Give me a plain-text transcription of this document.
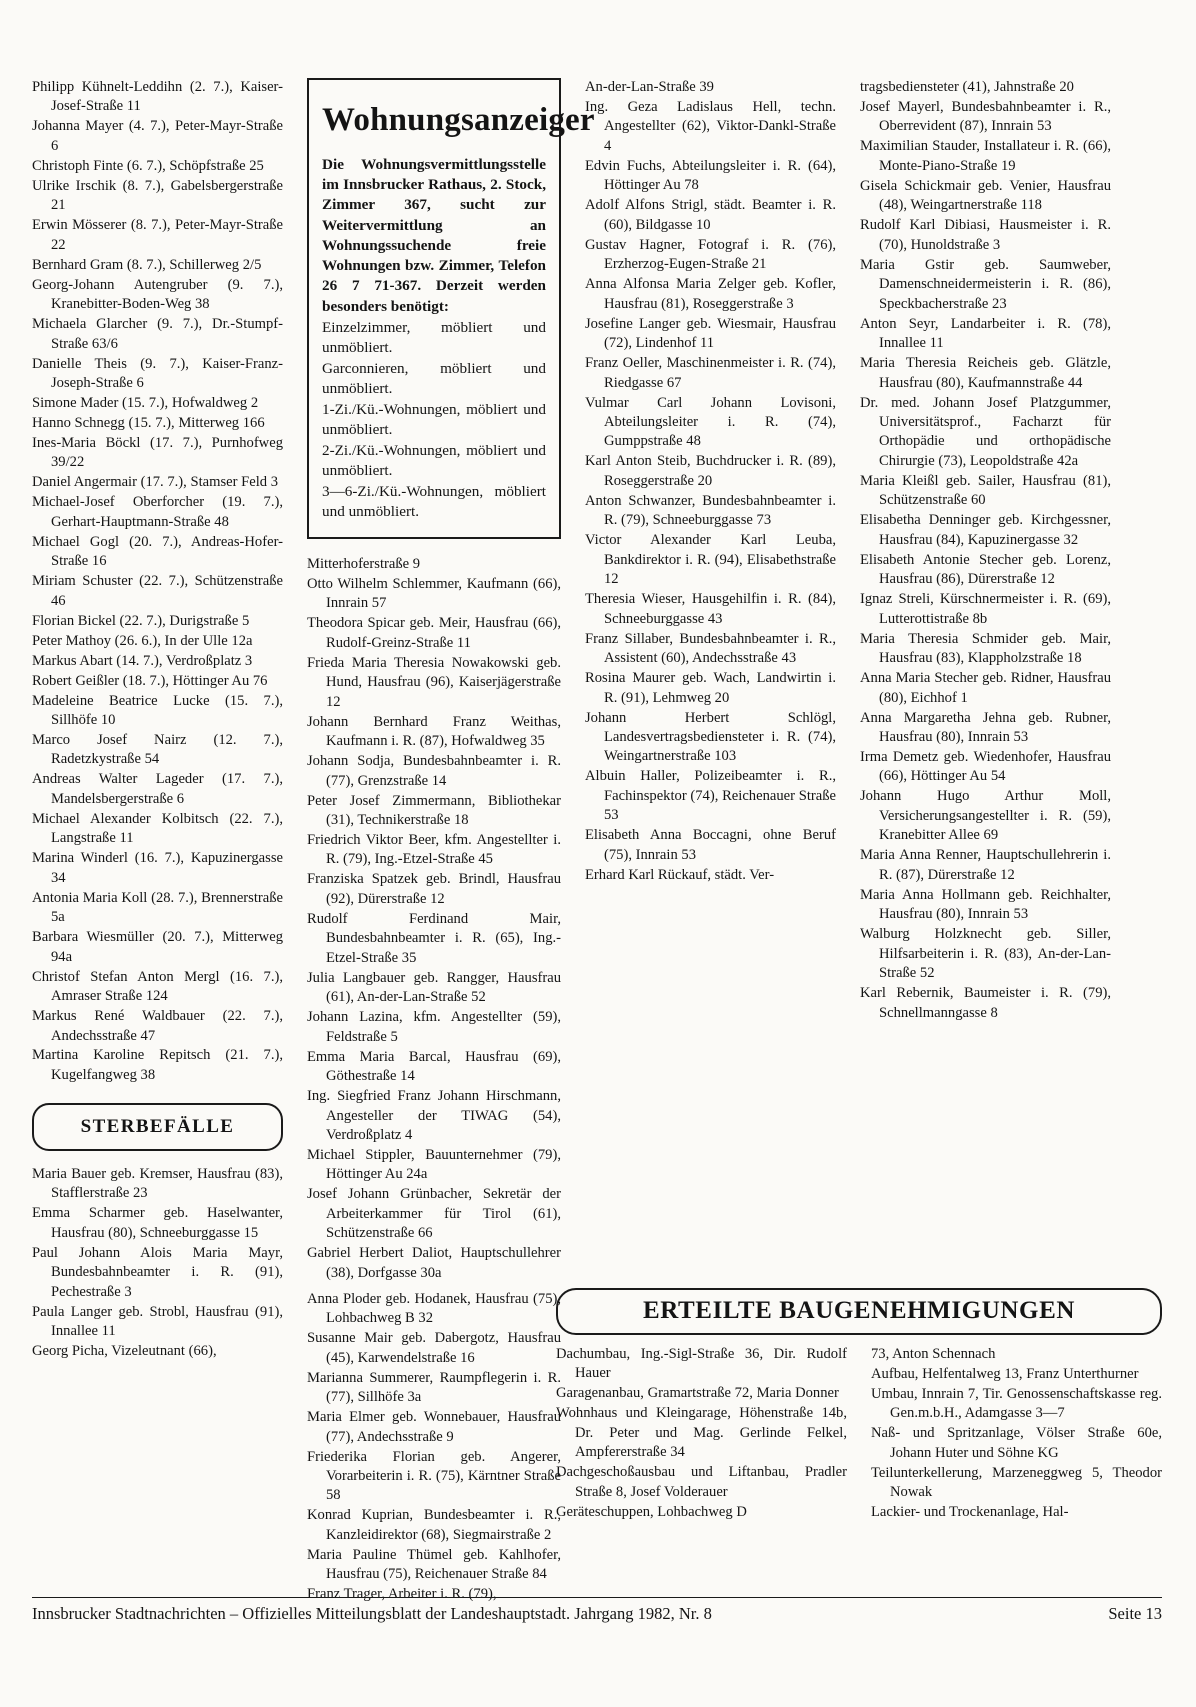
Philipp Kühnelt-Leddihn (2. 7.), Kaiser-Josef-Straße 11
Johanna Mayer (4. 7.), Peter-Mayr-Straße 6
Christoph Finte (6. 7.), Schöpfstraße 25
Ulrike Irschik (8. 7.), Gabelsbergerstraße 21
Erwin Mösserer (8. 7.), Peter-Mayr-Straße 22
Bernhard Gram (8. 7.), Schillerweg 2/5
Georg-Johann Autengruber (9. 7.), Kranebitter-Boden-Weg 38
Michaela Glarcher (9. 7.), Dr.-Stumpf-Straße 63/6
Danielle Theis (9. 7.), Kaiser-Franz-Joseph-Straße 6
Simone Mader (15. 7.), Hofwaldweg 2
Hanno Schnegg (15. 7.), Mitterweg 166
Ines-Maria Böckl (17. 7.), Purnhofweg 39/22
Daniel Angermair (17. 7.), Stamser Feld 3
Michael-Josef Oberforcher (19. 7.), Gerhart-Hauptmann-Straße 48
Michael Gogl (20. 7.), Andreas-Hofer-Straße 16
Miriam Schuster (22. 7.), Schützenstraße 46
Florian Bickel (22. 7.), Durigstraße 5
Peter Mathoy (26. 6.), In der Ulle 12a
Markus Abart (14. 7.), Verdroßplatz 3
Robert Geißler (18. 7.), Höttinger Au 76
Madeleine Beatrice Lucke (15. 7.), Sillhöfe 10
Marco Josef Nairz (12. 7.), Radetzkystraße 54
Andreas Walter Lageder (17. 7.), Mandelsbergerstraße 6
Michael Alexander Kolbitsch (22. 7.), Langstraße 11
Marina Winderl (16. 7.), Kapuzinergasse 34
Antonia Maria Koll (28. 7.), Brennerstraße 5a
Barbara Wiesmüller (20. 7.), Mitterweg 94a
Christof Stefan Anton Mergl (16. 7.), Amraser Straße 124
Markus René Waldbauer (22. 7.), Andechsstraße 47
Martina Karoline Repitsch (21. 7.), Kugelfangweg 38
STERBEFÄLLE
Maria Bauer geb. Kremser, Hausfrau (83), Stafflerstraße 23
Emma Scharmer geb. Haselwanter, Hausfrau (80), Schneeburggasse 15
Paul Johann Alois Maria Mayr, Bundesbahnbeamter i. R. (91), Pechestraße 3
Paula Langer geb. Strobl, Hausfrau (91), Innallee 11
Georg Picha, Vizeleutnant (66),
Wohnungsanzeiger
Die Wohnungsvermittlungsstelle im Innsbrucker Rathaus, 2. Stock, Zimmer 367, sucht zur Weitervermittlung an Wohnungssuchende freie Wohnungen bzw. Zimmer, Telefon 26 7 71-367. Derzeit werden besonders benötigt:
Einzelzimmer, möbliert und unmöbliert.
Garconnieren, möbliert und unmöbliert.
1-Zi./Kü.-Wohnungen, möbliert und unmöbliert.
2-Zi./Kü.-Wohnungen, möbliert und unmöbliert.
3—6-Zi./Kü.-Wohnungen, möbliert und unmöbliert.
Mitterhoferstraße 9
Otto Wilhelm Schlemmer, Kaufmann (66), Innrain 57
Theodora Spicar geb. Meir, Hausfrau (66), Rudolf-Greinz-Straße 11
Frieda Maria Theresia Nowakowski geb. Hund, Hausfrau (96), Kaiserjägerstraße 12
Johann Bernhard Franz Weithas, Kaufmann i. R. (87), Hofwaldweg 35
Johann Sodja, Bundesbahnbeamter i. R. (77), Grenzstraße 14
Peter Josef Zimmermann, Bibliothekar (31), Technikerstraße 18
Friedrich Viktor Beer, kfm. Angestellter i. R. (79), Ing.-Etzel-Straße 45
Franziska Spatzek geb. Brindl, Hausfrau (92), Dürerstraße 12
Rudolf Ferdinand Mair, Bundesbahnbeamter i. R. (65), Ing.-Etzel-Straße 35
Julia Langbauer geb. Rangger, Hausfrau (61), An-der-Lan-Straße 52
Johann Lazina, kfm. Angestellter (59), Feldstraße 5
Emma Maria Barcal, Hausfrau (69), Göthestraße 14
Ing. Siegfried Franz Johann Hirschmann, Angesteller der TIWAG (54), Verdroßplatz 4
Michael Stippler, Bauunternehmer (79), Höttinger Au 24a
Josef Johann Grünbacher, Sekretär der Arbeiterkammer für Tirol (61), Schützenstraße 66
Gabriel Herbert Daliot, Hauptschullehrer (38), Dorfgasse 30a
Anna Ploder geb. Hodanek, Hausfrau (75), Lohbachweg B 32
Susanne Mair geb. Dabergotz, Hausfrau (45), Karwendelstraße 16
Marianna Summerer, Raumpflegerin i. R. (77), Sillhöfe 3a
Maria Elmer geb. Wonnebauer, Hausfrau (77), Andechsstraße 9
Friederika Florian geb. Angerer, Vorarbeiterin i. R. (75), Kärntner Straße 58
Konrad Kuprian, Bundesbeamter i. R., Kanzleidirektor (68), Siegmairstraße 2
Maria Pauline Thümel geb. Kahlhofer, Hausfrau (75), Reichenauer Straße 84
Franz Trager, Arbeiter i. R. (79),
An-der-Lan-Straße 39
Ing. Geza Ladislaus Hell, techn. Angestellter (62), Viktor-Dankl-Straße 4
Edvin Fuchs, Abteilungsleiter i. R. (64), Höttinger Au 78
Adolf Alfons Strigl, städt. Beamter i. R. (60), Bildgasse 10
Gustav Hagner, Fotograf i. R. (76), Erzherzog-Eugen-Straße 21
Anna Alfonsa Maria Zelger geb. Kofler, Hausfrau (81), Roseggerstraße 3
Josefine Langer geb. Wiesmair, Hausfrau (72), Lindenhof 11
Franz Oeller, Maschinenmeister i. R. (74), Riedgasse 67
Vulmar Carl Johann Lovisoni, Abteilungsleiter i. R. (74), Gumppstraße 48
Karl Anton Steib, Buchdrucker i. R. (89), Roseggerstraße 20
Anton Schwanzer, Bundesbahnbeamter i. R. (79), Schneeburggasse 73
Victor Alexander Karl Leuba, Bankdirektor i. R. (94), Elisabethstraße 12
Theresia Wieser, Hausgehilfin i. R. (84), Schneeburggasse 43
Franz Sillaber, Bundesbahnbeamter i. R., Assistent (60), Andechsstraße 43
Rosina Maurer geb. Wach, Landwirtin i. R. (91), Lehmweg 20
Johann Herbert Schlögl, Landesvertragsbediensteter i. R. (74), Weingartnerstraße 103
Albuin Haller, Polizeibeamter i. R., Fachinspektor (74), Reichenauer Straße 53
Elisabeth Anna Boccagni, ohne Beruf (75), Innrain 53
Erhard Karl Rückauf, städt. Ver-
tragsbediensteter (41), Jahnstraße 20
Josef Mayerl, Bundesbahnbeamter i. R., Oberrevident (87), Innrain 53
Maximilian Stauder, Installateur i. R. (66), Monte-Piano-Straße 19
Gisela Schickmair geb. Venier, Hausfrau (48), Weingartnerstraße 118
Rudolf Karl Dibiasi, Hausmeister i. R. (70), Hunoldstraße 3
Maria Gstir geb. Saumweber, Damenschneidermeisterin i. R. (86), Speckbacherstraße 23
Anton Seyr, Landarbeiter i. R. (78), Innallee 11
Maria Theresia Reicheis geb. Glätzle, Hausfrau (80), Kaufmannstraße 44
Dr. med. Johann Josef Platzgummer, Universitätsprof., Facharzt für Orthopädie und orthopädische Chirurgie (73), Leopoldstraße 42a
Maria Kleißl geb. Sailer, Hausfrau (81), Schützenstraße 60
Elisabetha Denninger geb. Kirchgessner, Hausfrau (84), Kapuzinergasse 32
Elisabeth Antonie Stecher geb. Lorenz, Hausfrau (86), Dürerstraße 12
Ignaz Streli, Kürschnermeister i. R. (69), Lutterottistraße 8b
Maria Theresia Schmider geb. Mair, Hausfrau (83), Klappholzstraße 18
Anna Maria Stecher geb. Ridner, Hausfrau (80), Eichhof 1
Anna Margaretha Jehna geb. Rubner, Hausfrau (80), Innrain 53
Irma Demetz geb. Wiedenhofer, Hausfrau (66), Höttinger Au 54
Johann Hugo Arthur Moll, Versicherungsangestellter i. R. (59), Kranebitter Allee 69
Maria Anna Renner, Hauptschullehrerin i. R. (87), Dürerstraße 12
Maria Anna Hollmann geb. Reichhalter, Hausfrau (80), Innrain 53
Walburg Holzknecht geb. Siller, Hilfsarbeiterin i. R. (83), An-der-Lan-Straße 52
Karl Rebernik, Baumeister i. R. (79), Schnellmanngasse 8
ERTEILTE BAUGENEHMIGUNGEN
Dachumbau, Ing.-Sigl-Straße 36, Dir. Rudolf Hauer
Garagenanbau, Gramartstraße 72, Maria Donner
Wohnhaus und Kleingarage, Höhenstraße 14b, Dr. Peter und Mag. Gerlinde Felkel, Ampfererstraße 34
Dachgeschoßausbau und Liftanbau, Pradler Straße 8, Josef Volderauer
Geräteschuppen, Lohbachweg D
73, Anton Schennach
Aufbau, Helfentalweg 13, Franz Unterthurner
Umbau, Innrain 7, Tir. Genossenschaftskasse reg. Gen.m.b.H., Adamgasse 3—7
Naß- und Spritzanlage, Völser Straße 60e, Johann Huter und Söhne KG
Teilunterkellerung, Marzeneggweg 5, Theodor Nowak
Lackier- und Trockenanlage, Hal-
Innsbrucker Stadtnachrichten – Offizielles Mitteilungsblatt der Landeshauptstadt. Jahrgang 1982, Nr. 8	Seite 13
